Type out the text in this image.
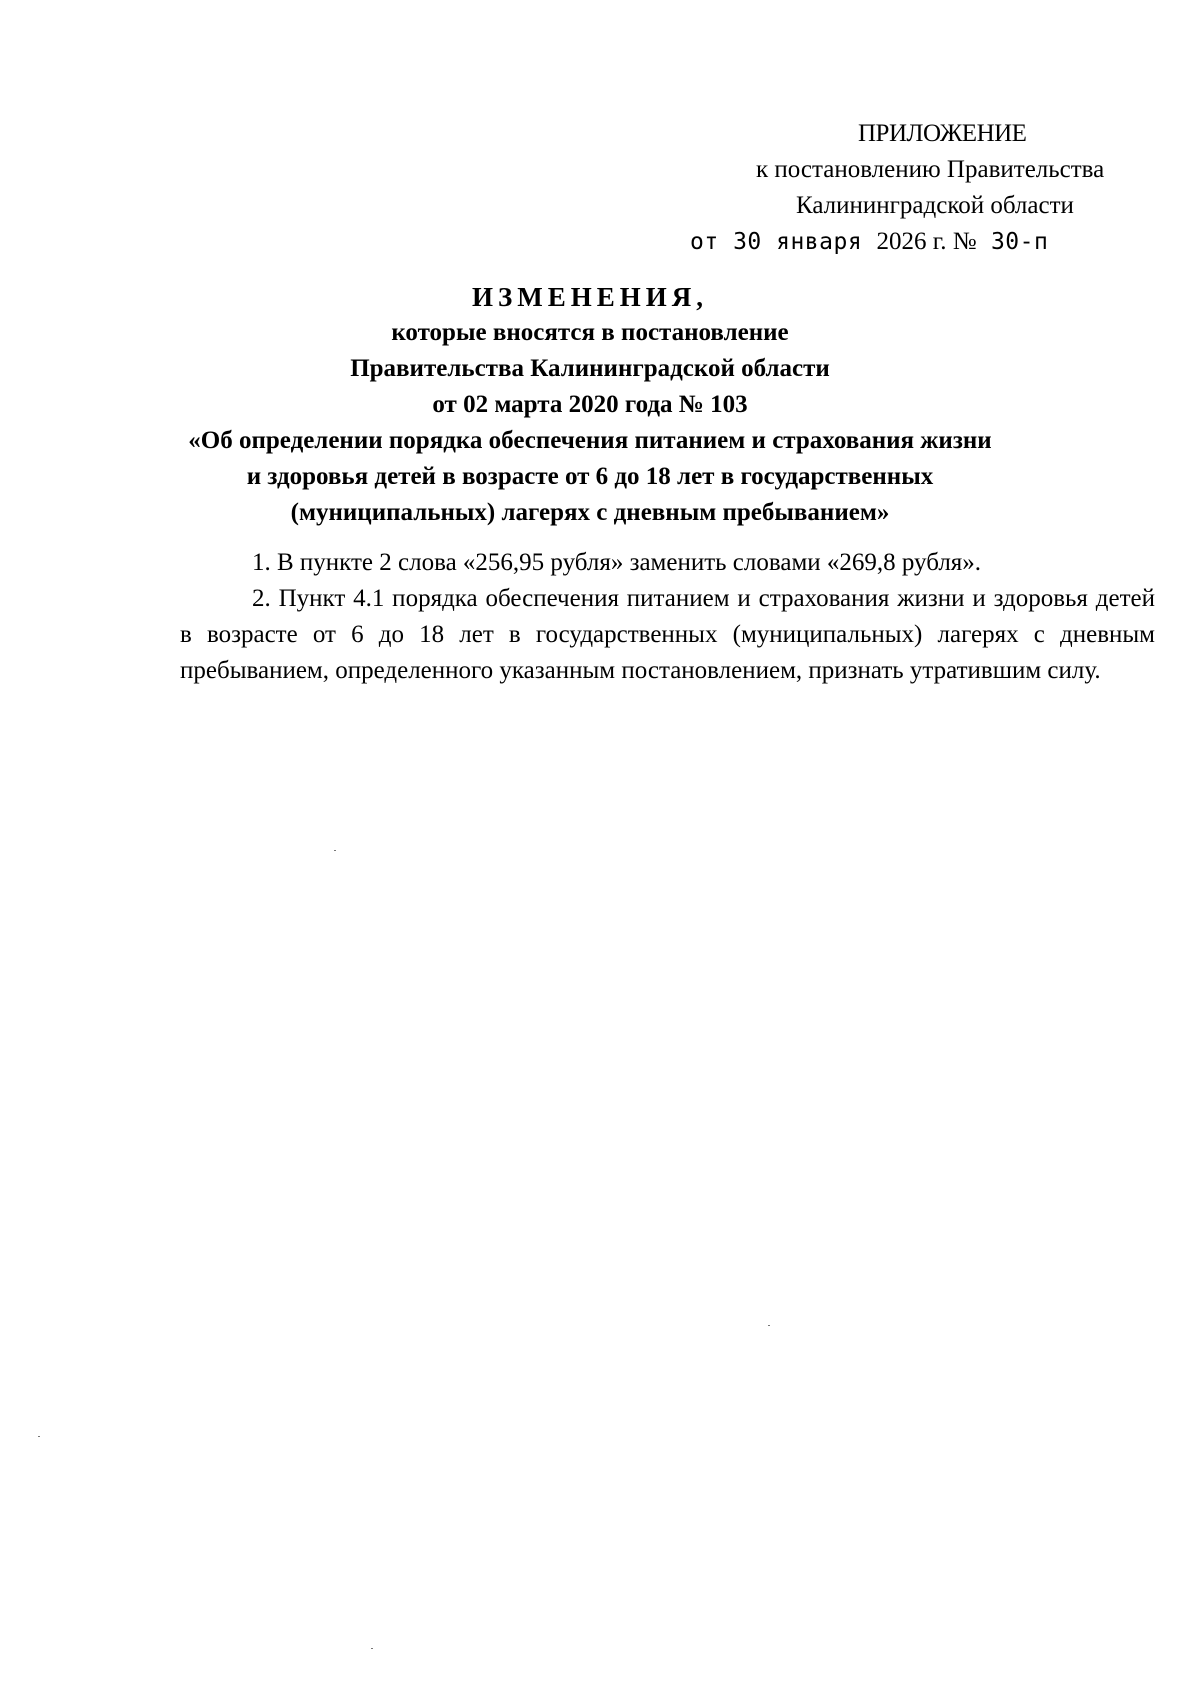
ПРИЛОЖЕНИЕ
к постановлению Правительства
Калининградской области
от 30 января 2026 г. № 30-п
ИЗМЕНЕНИЯ,
которые вносятся в постановление
Правительства Калининградской области
от 02 марта 2020 года № 103
«Об определении порядка обеспечения питанием и страхования жизни
и здоровья детей в возрасте от 6 до 18 лет в государственных
(муниципальных) лагерях с дневным пребыванием»

1. В пункте 2 слова «256,95 рубля» заменить словами «269,8 рубля».

2. Пункт 4.1 порядка обеспечения питанием и страхования жизни и здоровья детей в возрасте от 6 до 18 лет в государственных (муниципальных) лагерях с дневным пребыванием, определенного указанным постановлением, признать утратившим силу.
